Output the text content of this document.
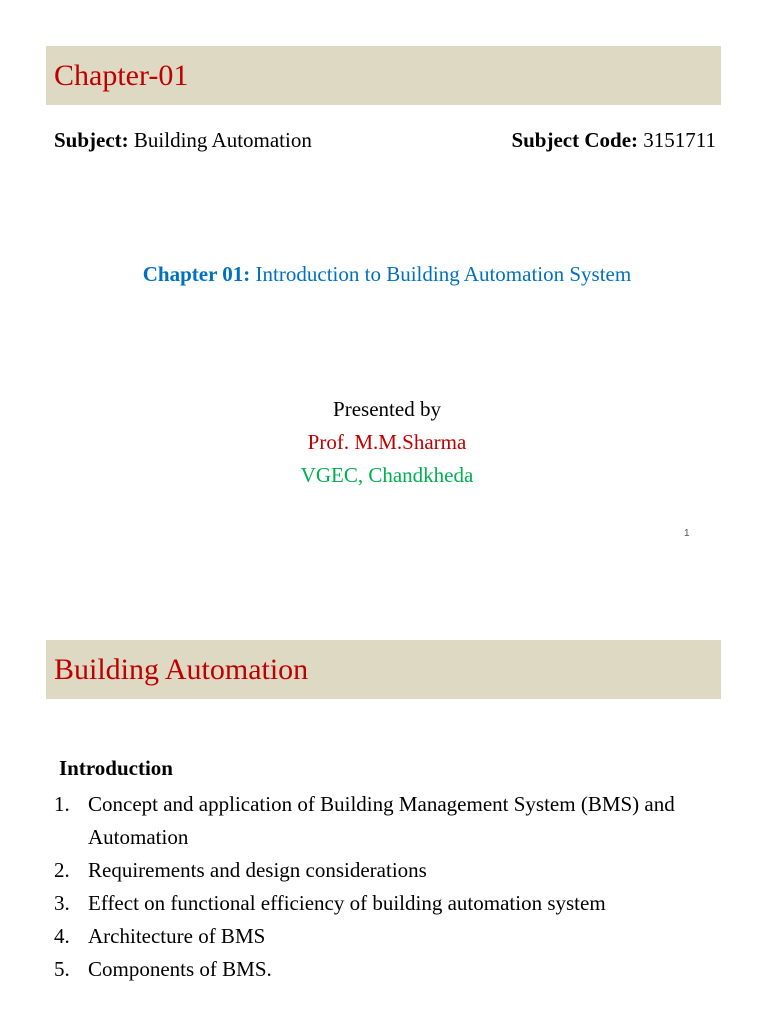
Chapter-01
Subject: Building Automation	Subject Code: 3151711
Chapter 01: Introduction to Building Automation System
Presented by
Prof. M.M.Sharma
VGEC, Chandkheda
1
Building Automation
Introduction
1. Concept and application of Building Management System (BMS) and Automation
2. Requirements and design considerations
3. Effect on functional efficiency of building automation system
4. Architecture of BMS
5. Components of BMS.
